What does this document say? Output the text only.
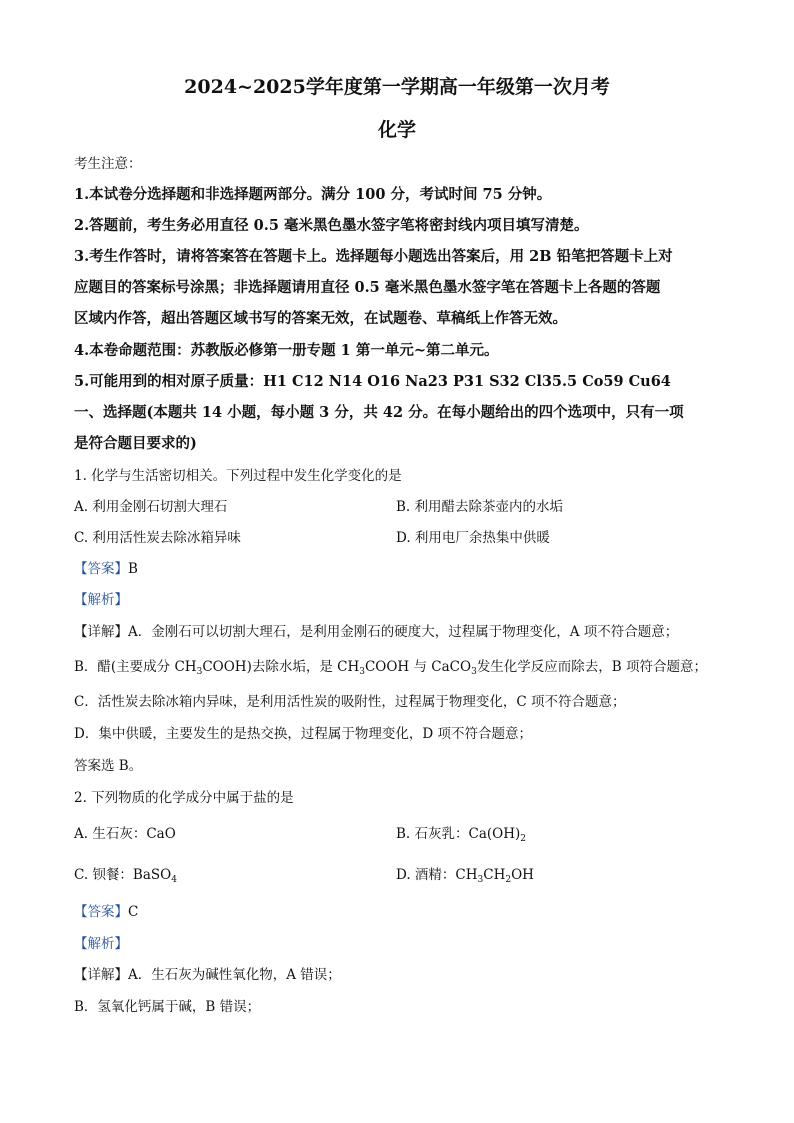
2024~2025学年度第一学期高一年级第一次月考
化学
考生注意：
1.本试卷分选择题和非选择题两部分。满分 100 分，考试时间 75 分钟。
2.答题前，考生务必用直径 0.5 毫米黑色墨水签字笔将密封线内项目填写清楚。
3.考生作答时，请将答案答在答题卡上。选择题每小题选出答案后，用 2B 铅笔把答题卡上对
应题目的答案标号涂黑；非选择题请用直径 0.5 毫米黑色墨水签字笔在答题卡上各题的答题
区域内作答，超出答题区域书写的答案无效，在试题卷、草稿纸上作答无效。
4.本卷命题范围：苏教版必修第一册专题 1 第一单元~第二单元。
5.可能用到的相对原子质量：H1 C12 N14 O16 Na23 P31 S32 Cl35.5 Co59 Cu64
一、选择题(本题共 14 小题，每小题 3 分，共 42 分。在每小题给出的四个选项中，只有一项
是符合题目要求的)
1. 化学与生活密切相关。下列过程中发生化学变化的是
A. 利用金刚石切割大理石	B. 利用醋去除茶壶内的水垢
C. 利用活性炭去除冰箱异味	D. 利用电厂余热集中供暖
【答案】B
【解析】
【详解】A．金刚石可以切割大理石，是利用金刚石的硬度大，过程属于物理变化，A 项不符合题意；
B．醋(主要成分 $CH_3COOH$)去除水垢，是 $CH_3COOH$ 与 CaCO$_3$发生化学反应而除去，B 项符合题意；
C．活性炭去除冰箱内异味，是利用活性炭的吸附性，过程属于物理变化，C 项不符合题意；
D．集中供暖，主要发生的是热交换，过程属于物理变化，D 项不符合题意；
答案选 B。
2. 下列物质的化学成分中属于盐的是
A. 生石灰：CaO	B. 石灰乳：$Ca(OH)_2$
C. 钡餐：BaSO$_4$	D. 酒精：$CH_3CH_2OH$
【答案】C
【解析】
【详解】A．生石灰为碱性氧化物，A 错误；
B．氢氧化钙属于碱，B 错误；
